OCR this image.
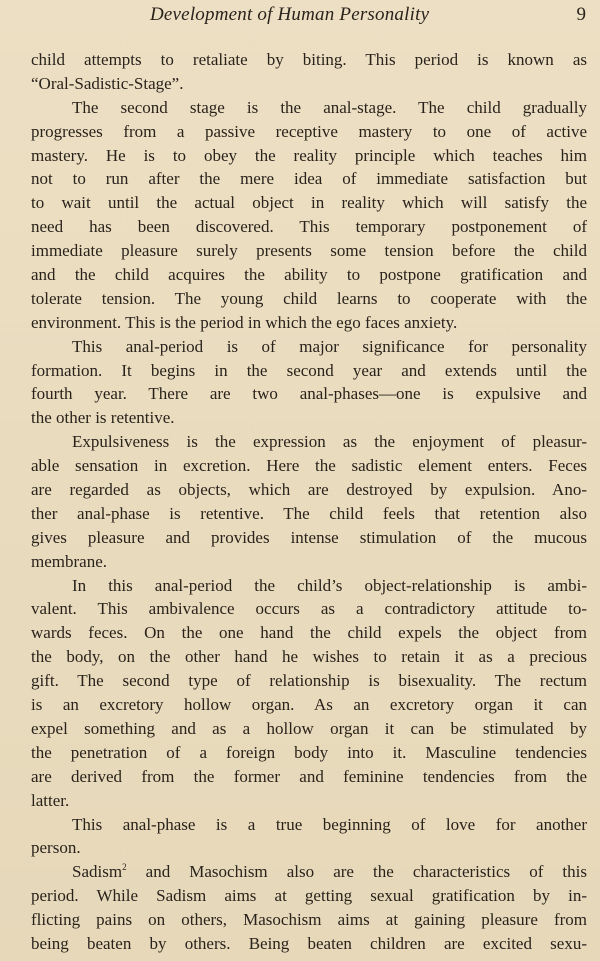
Development of Human Personality	9
child attempts to retaliate by biting. This period is known as
“Oral-Sadistic-Stage”.
The second stage is the anal-stage. The child gradually
progresses from a passive receptive mastery to one of active
mastery. He is to obey the reality principle which teaches him
not to run after the mere idea of immediate satisfaction but
to wait until the actual object in reality which will satisfy the
need has been discovered. This temporary postponement of
immediate pleasure surely presents some tension before the child
and the child acquires the ability to postpone gratification and
tolerate tension. The young child learns to cooperate with the
environment. This is the period in which the ego faces anxiety.
This anal-period is of major significance for personality
formation. It begins in the second year and extends until the
fourth year. There are two anal-phases—one is expulsive and
the other is retentive.
Expulsiveness is the expression as the enjoyment of pleasur-
able sensation in excretion. Here the sadistic element enters. Feces
are regarded as objects, which are destroyed by expulsion. Ano-
ther anal-phase is retentive. The child feels that retention also
gives pleasure and provides intense stimulation of the mucous
membrane.
In this anal-period the child’s object-relationship is ambi-
valent. This ambivalence occurs as a contradictory attitude to-
wards feces. On the one hand the child expels the object from
the body, on the other hand he wishes to retain it as a precious
gift. The second type of relationship is bisexuality. The rectum
is an excretory hollow organ. As an excretory organ it can
expel something and as a hollow organ it can be stimulated by
the penetration of a foreign body into it. Masculine tendencies
are derived from the former and feminine tendencies from the
latter.
This anal-phase is a true beginning of love for another
person.
Sadism$^2$ and Masochism also are the characteristics of this
period. While Sadism aims at getting sexual gratification by in-
flicting pains on others, Masochism aims at gaining pleasure from
being beaten by others. Being beaten children are excited sexu-
